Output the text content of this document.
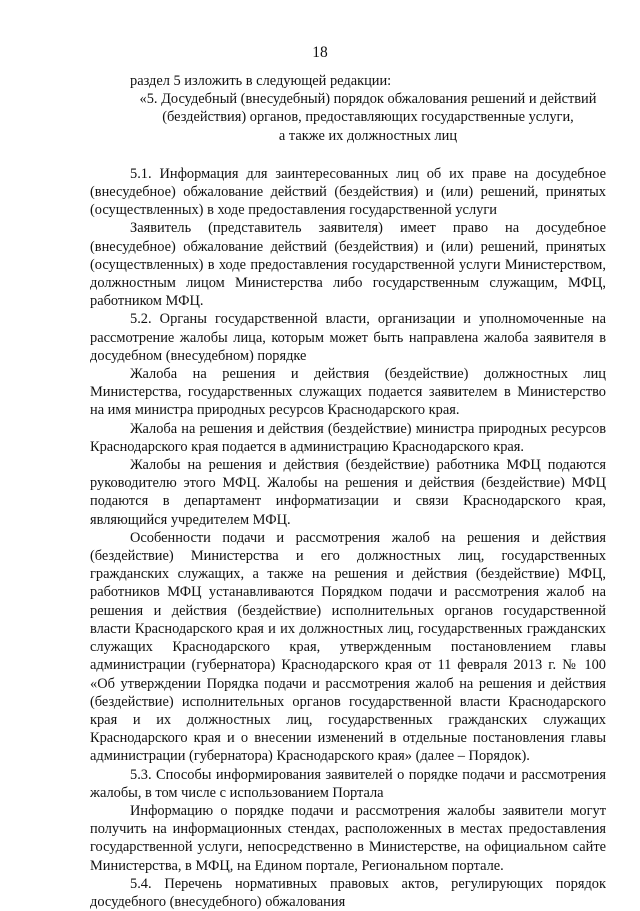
18

раздел 5 изложить в следующей редакции:

«5. Досудебный (внесудебный) порядок обжалования решений и действий

(бездействия) органов, предоставляющих государственные услуги,

а также их должностных лиц

5.1. Информация для заинтересованных лиц об их праве на досудебное (внесудебное) обжалование действий (бездействия) и (или) решений, принятых (осуществленных) в ходе предоставления государственной услуги

Заявитель (представитель заявителя) имеет право на досудебное (внесудебное) обжалование действий (бездействия) и (или) решений, принятых (осуществленных) в ходе предоставления государственной услуги Министерством, должностным лицом Министерства либо государственным служащим, МФЦ, работником МФЦ.

5.2. Органы государственной власти, организации и уполномоченные на рассмотрение жалобы лица, которым может быть направлена жалоба заявителя в досудебном (внесудебном) порядке

Жалоба на решения и действия (бездействие) должностных лиц Министерства, государственных служащих подается заявителем в Министерство на имя министра природных ресурсов Краснодарского края.

Жалоба на решения и действия (бездействие) министра природных ресурсов Краснодарского края подается в администрацию Краснодарского края.

Жалобы на решения и действия (бездействие) работника МФЦ подаются руководителю этого МФЦ. Жалобы на решения и действия (бездействие) МФЦ подаются в департамент информатизации и связи Краснодарского края, являющийся учредителем МФЦ.

Особенности подачи и рассмотрения жалоб на решения и действия (бездействие) Министерства и его должностных лиц, государственных гражданских служащих, а также на решения и действия (бездействие) МФЦ, работников МФЦ устанавливаются Порядком подачи и рассмотрения жалоб на решения и действия (бездействие) исполнительных органов государственной власти Краснодарского края и их должностных лиц, государственных гражданских служащих Краснодарского края, утвержденным постановлением главы администрации (губернатора) Краснодарского края от 11 февраля 2013 г. № 100 «Об утверждении Порядка подачи и рассмотрения жалоб на решения и действия (бездействие) исполнительных органов государственной власти Краснодарского края и их должностных лиц, государственных гражданских служащих Краснодарского края и о внесении изменений в отдельные постановления главы администрации (губернатора) Краснодарского края» (далее – Порядок).

5.3. Способы информирования заявителей о порядке подачи и рассмотрения жалобы, в том числе с использованием Портала

Информацию о порядке подачи и рассмотрения жалобы заявители могут получить на информационных стендах, расположенных в местах предоставления государственной услуги, непосредственно в Министерстве, на официальном сайте Министерства, в МФЦ, на Едином портале, Региональном портале.

5.4. Перечень нормативных правовых актов, регулирующих порядок досудебного (внесудебного) обжалования
